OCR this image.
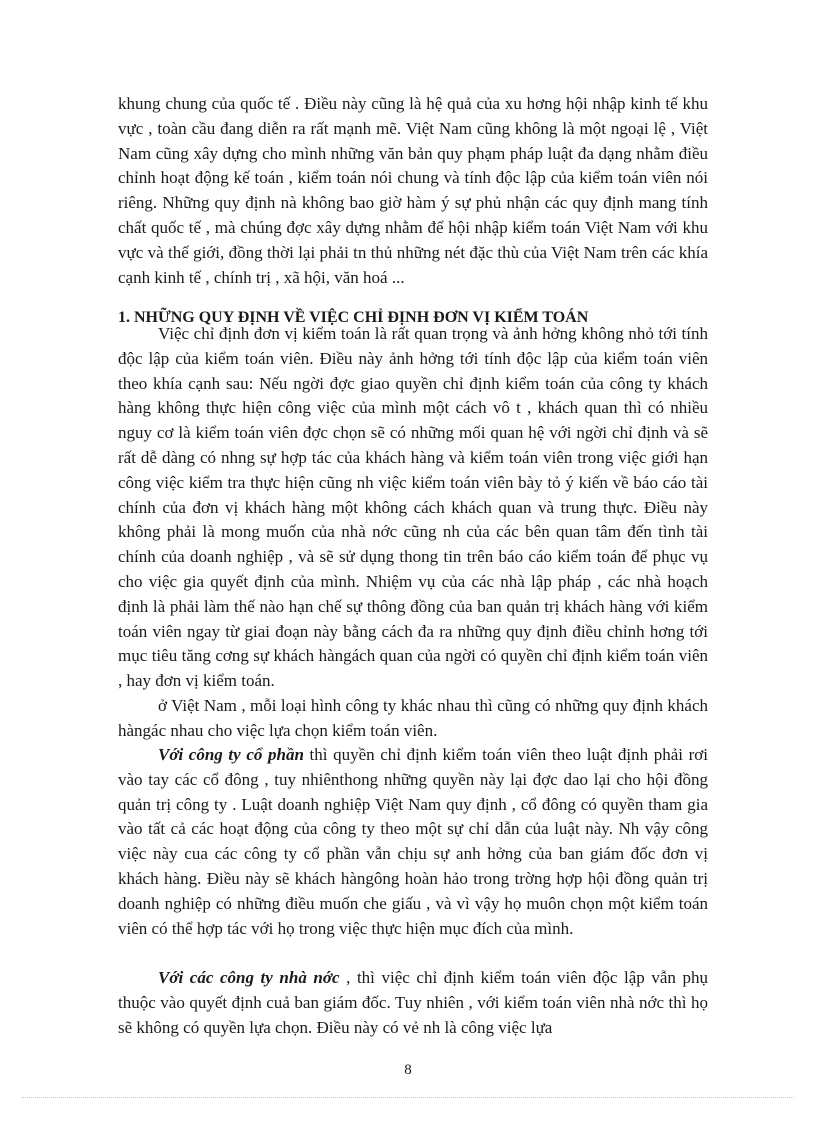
khung chung của quốc tế . Điều này cũng là hệ quả của xu hơng hội nhập kinh tế khu vực , toàn cầu đang diễn ra rất mạnh mẽ. Việt Nam cũng không là một ngoại lệ , Việt Nam cũng xây dựng cho mình những văn bản quy phạm pháp luật đa dạng nhằm điều chỉnh hoạt động kế toán , kiểm toán nói chung và tính độc lập của kiểm toán viên nói riêng. Những quy định nà không bao giờ hàm ý sự phủ nhận các quy định mang tính chất quốc tế , mà chúng đợc xây dựng nhằm để hội nhập kiểm toán Việt Nam với khu vực và thế giới, đồng thời lại phải tn thủ những nét đặc thù của Việt Nam trên các khía cạnh kinh tế , chính trị , xã hội, văn hoá ...

1. NHỮNG QUY ĐỊNH VỀ VIỆC CHỈ ĐỊNH ĐƠN VỊ KIỂM TOÁN

Việc chỉ định đơn vị kiểm toán là rất quan trọng và ảnh hởng không nhỏ tới tính độc lập của kiểm toán viên. Điều này ảnh hởng tới tính độc lập của kiểm toán viên theo khía cạnh sau: Nếu ngời đợc giao quyền chỉ định kiểm toán của công ty khách hàng không thực hiện công việc của mình một cách vô t , khách quan thì có nhiều nguy cơ là kiểm toán viên đợc chọn sẽ có những mối quan hệ với ngời chỉ định và sẽ rất dễ dàng có nhng sự hợp tác của khách hàng và kiểm toán viên trong việc giới hạn công việc kiểm tra thực hiện cũng nh việc kiểm toán viên bày tỏ ý kiến về báo cáo tài chính của đơn vị khách hàng một không cách khách quan và trung thực. Điều này không phải là mong muốn của nhà nớc cũng nh của các bên quan tâm đến tình tài chính của doanh nghiệp , và sẽ sử dụng thong tin trên báo cáo kiểm toán để phục vụ cho việc gia quyết định của mình. Nhiệm vụ của các nhà lập pháp , các nhà hoạch định là phải làm thế nào hạn chế sự thông đồng của ban quản trị khách hàng với kiểm toán viên ngay từ giai đoạn này bằng cách đa ra những quy định điều chỉnh hơng tới mục tiêu tăng cơng sự khách hàngách quan của ngời có quyền chỉ định kiểm toán viên , hay đơn vị kiểm toán.

ở Việt Nam , mỗi loại hình công ty khác nhau thì cũng có những quy định khách hàngác nhau cho việc lựa chọn kiểm toán viên.

Với công ty cổ phần thì quyền chỉ định kiểm toán viên theo luật định phải rơi vào tay các cổ đông , tuy nhiênthong những quyền này lại đợc dao lại cho hội đồng quản trị công ty . Luật doanh nghiệp Việt Nam quy định , cổ đông có quyền tham gia vào tất cả các hoạt động của công ty theo một sự chỉ dẫn của luật này. Nh vậy công việc này cua các công ty cổ phần vẫn chịu sự anh hởng của ban giám đốc đơn vị khách hàng. Điều này sẽ khách hàngông hoàn hảo trong trờng hợp hội đồng quản trị doanh nghiệp có những điều muốn che giấu , và vì vậy họ muôn chọn một kiểm toán viên có thể hợp tác với họ trong việc thực hiện mục đích của mình.

Với các công ty nhà nớc , thì việc chỉ định kiểm toán viên độc lập vẫn phụ thuộc vào quyết định cuả ban giám đốc. Tuy nhiên , với kiểm toán viên nhà nớc thì họ sẽ không có quyền lựa chọn. Điều này có vẻ nh là công việc lựa

8
